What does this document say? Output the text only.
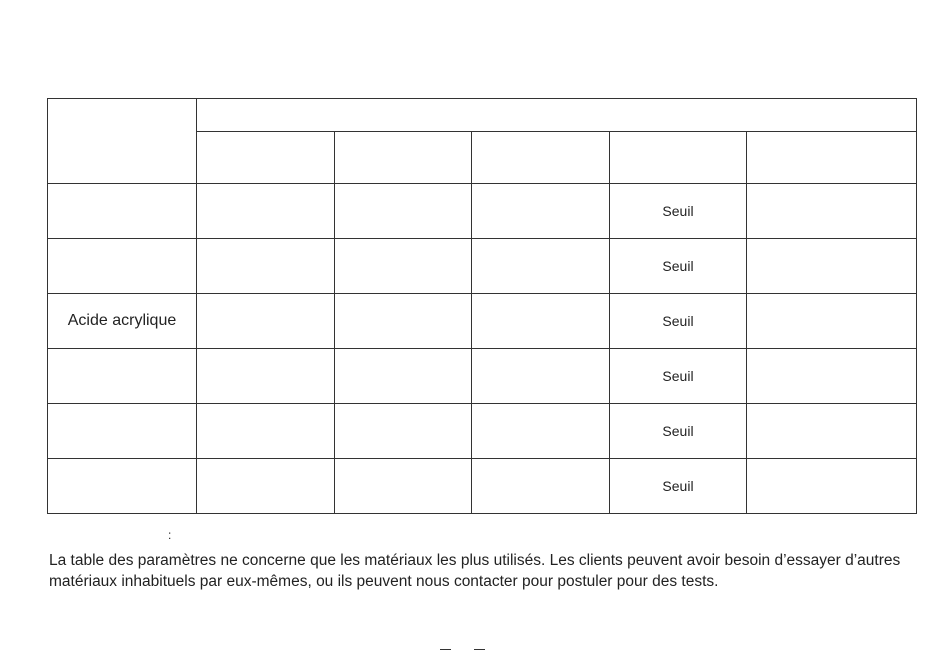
				Seuil	
				Seuil	
Acide acrylique				Seuil	
				Seuil	
				Seuil	
				Seuil	
:
La table des paramètres ne concerne que les matériaux les plus utilisés. Les clients peuvent avoir besoin d’essayer d’autres matériaux inhabituels par eux-mêmes, ou ils peuvent nous contacter pour postuler pour des tests.
